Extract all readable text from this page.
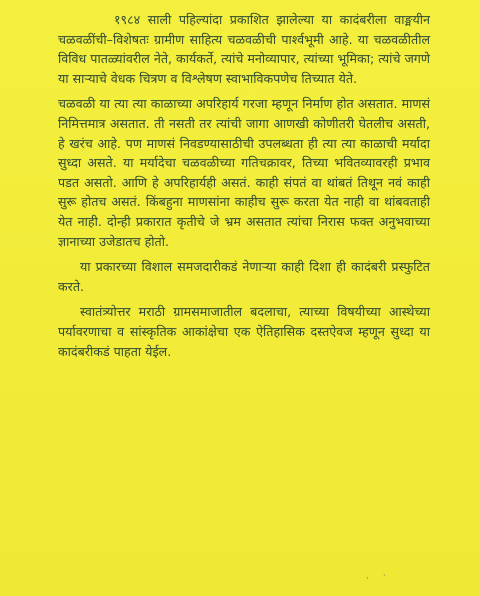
१९८४ साली पहिल्यांदा प्रकाशित झालेल्या या कादंबरीला वाङ्मयीन चळवळींची–विशेषतः ग्रामीण साहित्य चळवळीची पार्श्वभूमी आहे. या चळवळीतील विविध पातळ्यांवरील नेते, कार्यकर्ते, त्यांचे मनोव्यापार, त्यांच्या भूमिका; त्यांचे जगणे या साऱ्याचे वेधक चित्रण व विश्लेषण स्वाभाविकपणेच तिच्यात येते.

चळवळी या त्या त्या काळाच्या अपरिहार्य गरजा म्हणून निर्माण होत असतात. माणसं निमित्तमात्र असतात. ती नसती तर त्यांची जागा आणखी कोणीतरी घेतलीच असती, हे खरंच आहे. पण माणसं निवडण्यासाठीची उपलब्धता ही त्या त्या काळाची मर्यादा सुध्दा असते. या मर्यादेचा चळवळीच्या गतिचक्रावर, तिच्या भवितव्यावरही प्रभाव पडत असतो. आणि हे अपरिहार्यही असतं. काही संपतं वा थांबतं तिथून नवं काही सुरू होतच असतं. किंबहुना माणसांना काहीच सुरू करता येत नाही वा थांबवताही येत नाही. दोन्ही प्रकारात कृतीचे जे भ्रम असतात त्यांचा निरास फक्त अनुभवाच्या ज्ञानाच्या उजेडातच होतो.

या प्रकारच्या विशाल समजदारीकडं नेणाऱ्या काही दिशा ही कादंबरी प्रस्फुटित करते.

स्वातंत्र्योत्तर मराठी ग्रामसमाजातील बदलाचा, त्याच्या विषयीच्या आस्थेच्या पर्यावरणाचा व सांस्कृतिक आकांक्षेचा एक ऐतिहासिक दस्तऐवज म्हणून सुध्दा या कादंबरीकडं पाहता येईल.

· ·
